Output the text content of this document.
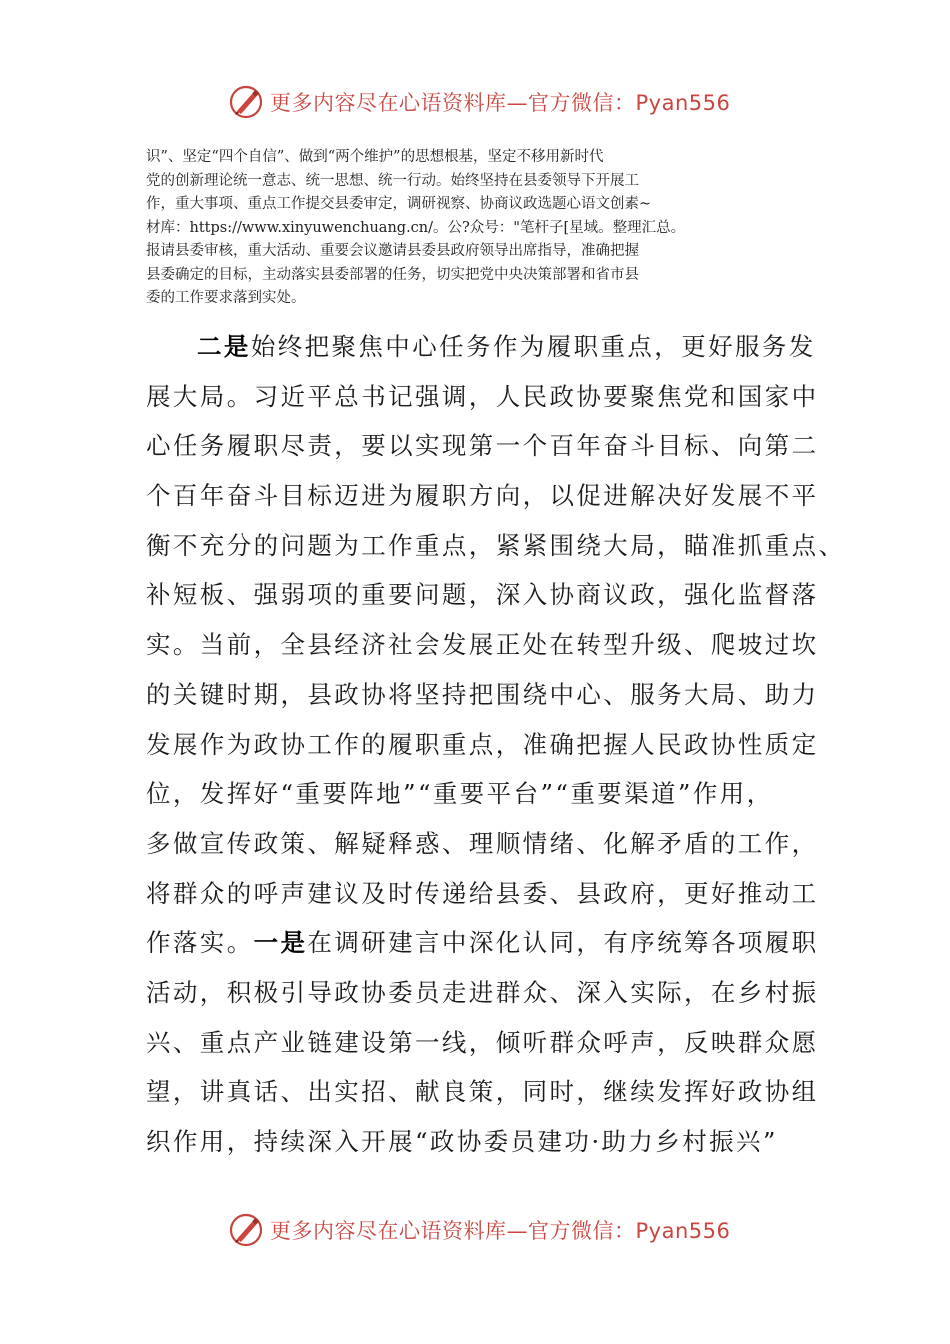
更多内容尽在心语资料库—官方微信：Pyan556
识”、坚定“四个自信”、做到“两个维护”的思想根基，坚定不移用新时代
党的创新理论统一意志、统一思想、统一行动。始终坚持在县委领导下开展工
作，重大事项、重点工作提交县委审定，调研视察、协商议政选题心语文创素~
材库：https://www.xinyuwenchuang.cn/。公?众号："笔杆子[星域。整理汇总。
报请县委审核，重大活动、重要会议邀请县委县政府领导出席指导，准确把握
县委确定的目标，主动落实县委部署的任务，切实把党中央决策部署和省市县
委的工作要求落到实处。
二是始终把聚焦中心任务作为履职重点，更好服务发
展大局。习近平总书记强调，人民政协要聚焦党和国家中
心任务履职尽责，要以实现第一个百年奋斗目标、向第二
个百年奋斗目标迈进为履职方向，以促进解决好发展不平
衡不充分的问题为工作重点，紧紧围绕大局，瞄准抓重点、
补短板、强弱项的重要问题，深入协商议政，强化监督落
实。当前，全县经济社会发展正处在转型升级、爬坡过坎
的关键时期，县政协将坚持把围绕中心、服务大局、助力
发展作为政协工作的履职重点，准确把握人民政协性质定
位，发挥好“重要阵地”“重要平台”“重要渠道”作用，
多做宣传政策、解疑释惑、理顺情绪、化解矛盾的工作，
将群众的呼声建议及时传递给县委、县政府，更好推动工
作落实。一是在调研建言中深化认同，有序统筹各项履职
活动，积极引导政协委员走进群众、深入实际，在乡村振
兴、重点产业链建设第一线，倾听群众呼声，反映群众愿
望，讲真话、出实招、献良策，同时，继续发挥好政协组
织作用，持续深入开展“政协委员建功·助力乡村振兴”
更多内容尽在心语资料库—官方微信：Pyan556
